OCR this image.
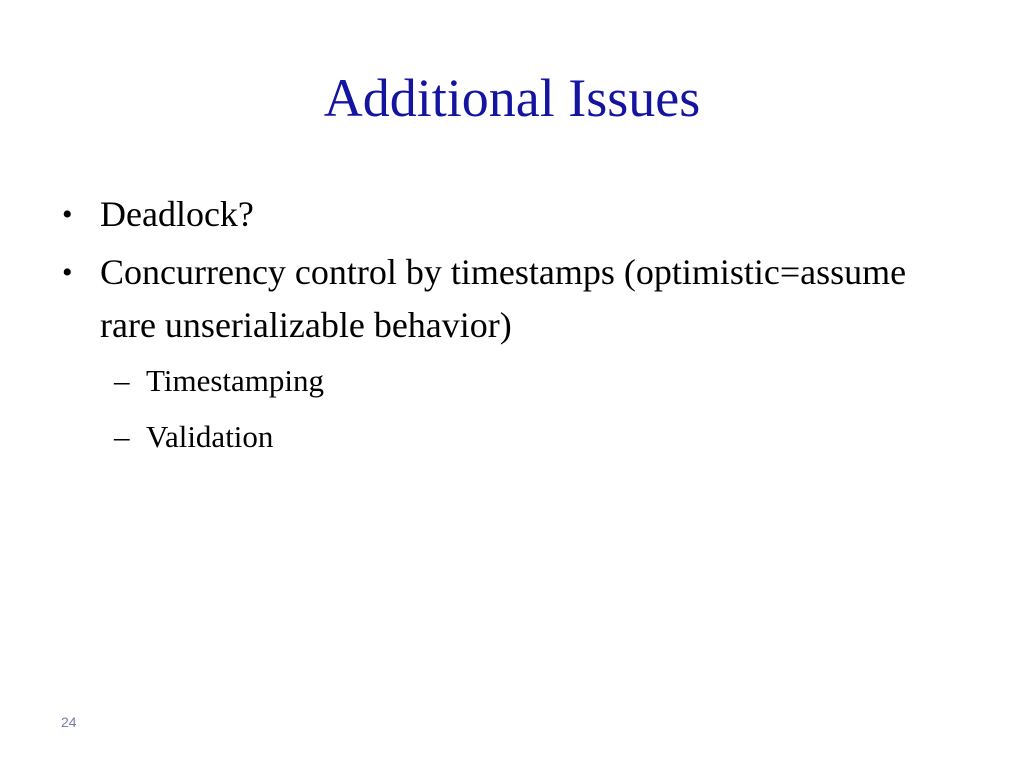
Additional Issues
• Deadlock?
• Concurrency control by timestamps (optimistic=assume rare unserializable behavior)
– Timestamping
– Validation
24
